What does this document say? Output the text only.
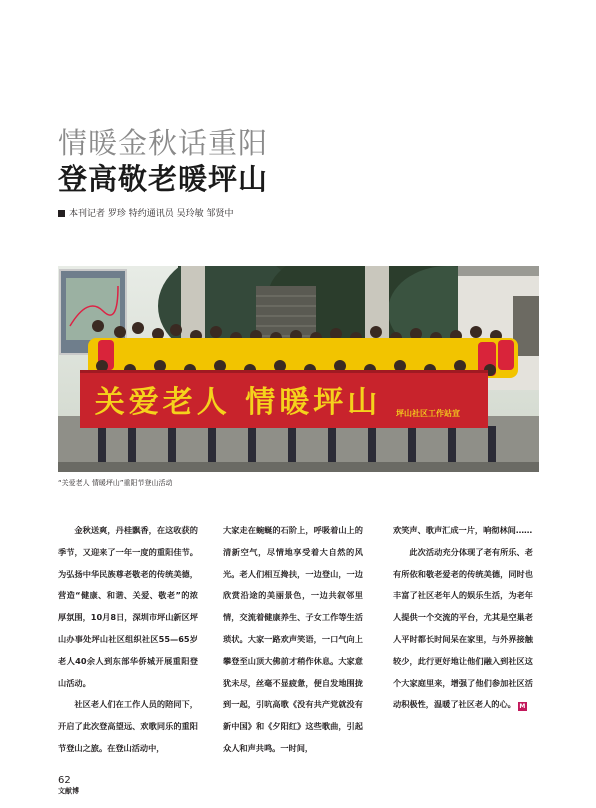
情暖金秋话重阳
登高敬老暖坪山
本刊记者 罗珍 特约通讯员 吴玲敏 邹贤中
关爱老人 情暖坪山 坪山社区工作站宣
“关爱老人 情暖坪山”重阳节登山活动

金秋送爽，丹桂飘香，在这收获的季节，又迎来了一年一度的重阳佳节。为弘扬中华民族尊老敬老的传统美德，营造“健康、和谐、关爱、敬老”的浓厚氛围，10月8日，深圳市坪山新区坪山办事处坪山社区组织社区55—65岁老人40余人到东部华侨城开展重阳登山活动。

社区老人们在工作人员的陪同下，开启了此次登高望远、欢歌同乐的重阳节登山之旅。在登山活动中，

大家走在蜿蜒的石阶上，呼吸着山上的清新空气，尽情地享受着大自然的风光。老人们相互搀扶，一边登山，一边欣赏沿途的美丽景色，一边共叙邻里情，交流着健康养生、子女工作等生活琐状。大家一路欢声笑语，一口气向上攀登至山顶大佛前才稍作休息。大家意犹未尽，丝毫不显疲惫，便自发地围拢到一起，引吭高歌《没有共产党就没有新中国》和《夕阳红》这些歌曲，引起众人和声共鸣。一时间，

欢笑声、歌声汇成一片，响彻林间……

此次活动充分体现了老有所乐、老有所依和敬老爱老的传统美德，同时也丰富了社区老年人的娱乐生活，为老年人提供一个交流的平台，尤其是空巢老人平时都长时间呆在家里，与外界接触较少，此行更好地让他们融入到社区这个大家庭里来，增强了他们参加社区活动积极性，温暖了社区老人的心。 M

62
文献博
